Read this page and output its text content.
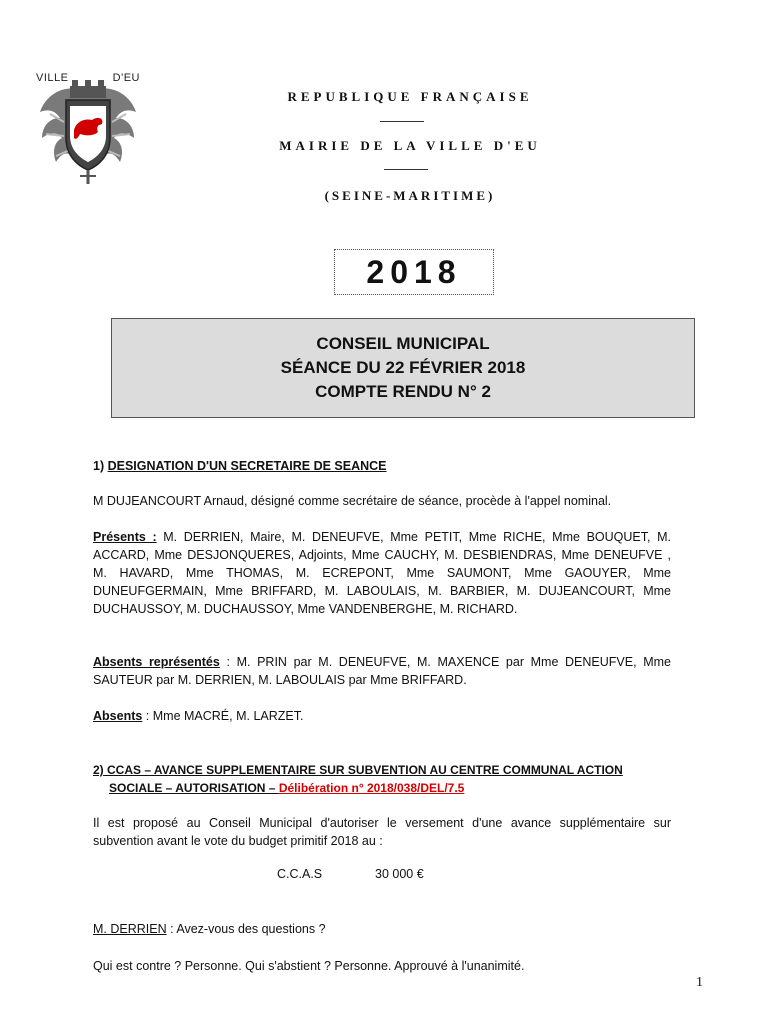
VILLE	D'EU
REPUBLIQUE FRANÇAISE
MAIRIE DE LA VILLE D'EU
(SEINE-MARITIME)
2018
CONSEIL MUNICIPAL
SÉANCE DU 22 FÉVRIER 2018
COMPTE RENDU N° 2
1) DESIGNATION D'UN SECRETAIRE DE SEANCE
M DUJEANCOURT Arnaud, désigné comme secrétaire de séance, procède à l'appel nominal.
Présents : M. DERRIEN, Maire, M. DENEUFVE, Mme PETIT, Mme RICHE, Mme BOUQUET, M. ACCARD, Mme DESJONQUERES, Adjoints, Mme CAUCHY, M. DESBIENDRAS, Mme DENEUFVE , M. HAVARD, Mme THOMAS, M. ECREPONT, Mme SAUMONT, Mme GAOUYER, Mme DUNEUFGERMAIN, Mme BRIFFARD, M. LABOULAIS, M. BARBIER, M. DUJEANCOURT, Mme DUCHAUSSOY, M. DUCHAUSSOY, Mme VANDENBERGHE, M. RICHARD.
Absents représentés : M. PRIN par M. DENEUFVE, M. MAXENCE par Mme DENEUFVE, Mme SAUTEUR par M. DERRIEN, M. LABOULAIS par Mme BRIFFARD.
Absents : Mme MACRÉ, M. LARZET.
2) CCAS – AVANCE SUPPLEMENTAIRE SUR SUBVENTION AU CENTRE COMMUNAL ACTION
SOCIALE – AUTORISATION – Délibération n° 2018/038/DEL/7.5
Il est proposé au Conseil Municipal d'autoriser le versement d'une avance supplémentaire sur subvention avant le vote du budget primitif 2018 au :
C.C.A.S	30 000 €
M. DERRIEN : Avez-vous des questions ?
Qui est contre ? Personne. Qui s'abstient ? Personne. Approuvé à l'unanimité.
1
